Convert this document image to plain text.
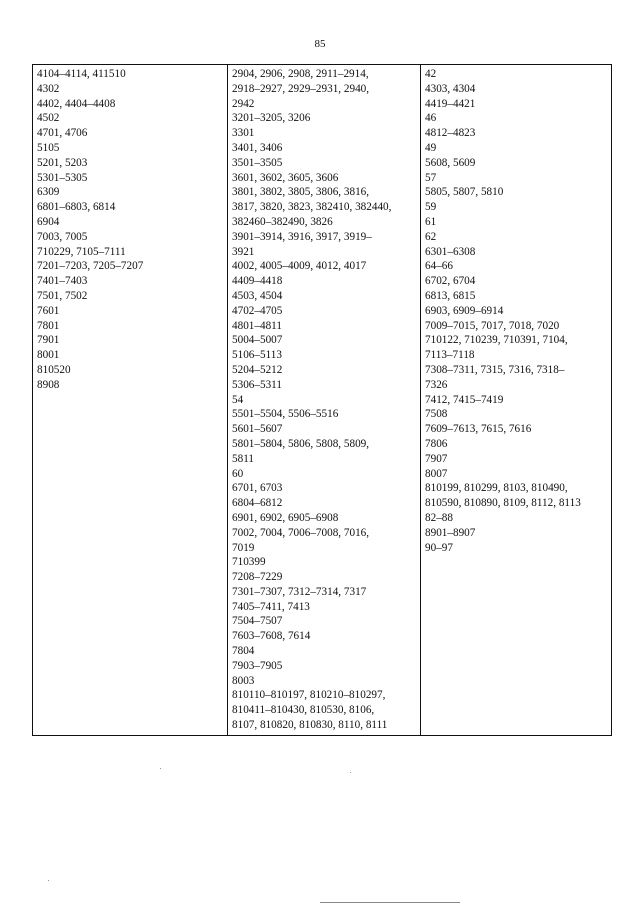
85
4104–4114, 411510
4302
4402, 4404–4408
4502
4701, 4706
5105
5201, 5203
5301–5305
6309
6801–6803, 6814
6904
7003, 7005
710229, 7105–7111
7201–7203, 7205–7207
7401–7403
7501, 7502
7601
7801
7901
8001
810520
8908
2904, 2906, 2908, 2911–2914,
2918–2927, 2929–2931, 2940,
2942
3201–3205, 3206
3301
3401, 3406
3501–3505
3601, 3602, 3605, 3606
3801, 3802, 3805, 3806, 3816,
3817, 3820, 3823, 382410, 382440,
382460–382490, 3826
3901–3914, 3916, 3917, 3919–
3921
4002, 4005–4009, 4012, 4017
4409–4418
4503, 4504
4702–4705
4801–4811
5004–5007
5106–5113
5204–5212
5306–5311
54
5501–5504, 5506–5516
5601–5607
5801–5804, 5806, 5808, 5809,
5811
60
6701, 6703
6804–6812
6901, 6902, 6905–6908
7002, 7004, 7006–7008, 7016,
7019
710399
7208–7229
7301–7307, 7312–7314, 7317
7405–7411, 7413
7504–7507
7603–7608, 7614
7804
7903–7905
8003
810110–810197, 810210–810297,
810411–810430, 810530, 8106,
8107, 810820, 810830, 8110, 8111
42
4303, 4304
4419–4421
46
4812–4823
49
5608, 5609
57
5805, 5807, 5810
59
61
62
6301–6308
64–66
6702, 6704
6813, 6815
6903, 6909–6914
7009–7015, 7017, 7018, 7020
710122, 710239, 710391, 7104,
7113–7118
7308–7311, 7315, 7316, 7318–
7326
7412, 7415–7419
7508
7609–7613, 7615, 7616
7806
7907
8007
810199, 810299, 8103, 810490,
810590, 810890, 8109, 8112, 8113
82–88
8901–8907
90–97
